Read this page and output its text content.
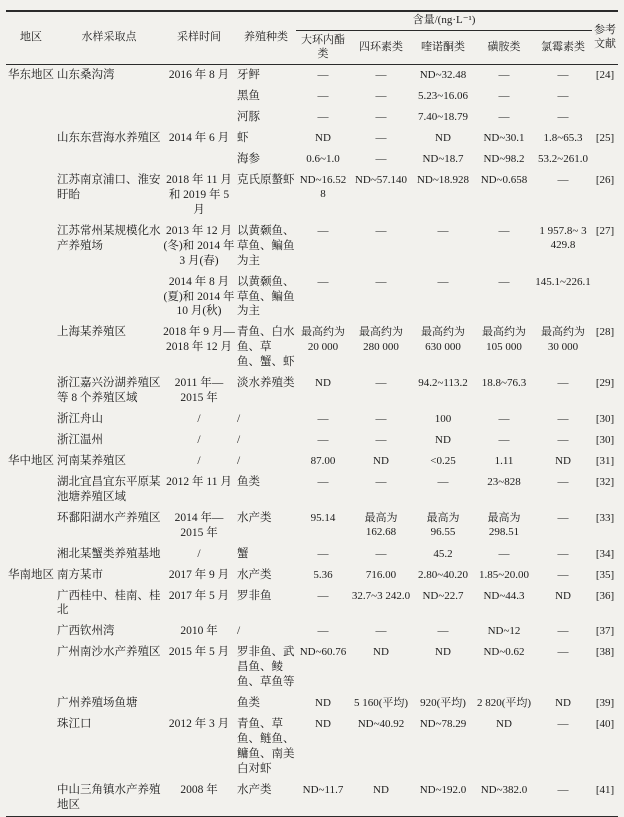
地区	水样采取点	采样时间	养殖种类	含量/(ng·L⁻¹)					参考文献
				大环内酯类	四环素类	喹诺酮类	磺胺类	氯霉素类	
华东地区	山东桑沟湾	2016 年 8 月	牙鲆	—	—	ND~32.48	—	—	[24]
			黑鱼	—	—	5.23~16.06	—	—	
			河豚	—	—	7.40~18.79	—	—	
	山东东营海水养殖区	2014 年 6 月	虾	ND	—	ND	ND~30.1	1.8~65.3	[25]
			海参	0.6~1.0	—	ND~18.7	ND~98.2	53.2~261.0	
	江苏南京浦口、淮安盱眙	2018 年 11 月和 2019 年 5 月	克氏原螯虾	ND~16.528	ND~57.140	ND~18.928	ND~0.658	—	[26]
	江苏常州某规模化水产养殖场	2013 年 12 月 (冬)和 2014 年 3 月(春)	以黄颡鱼、草鱼、鳊鱼为主	—	—	—	—	1 957.8~ 3 429.8	[27]
		2014 年 8 月 (夏)和 2014 年 10 月(秋)	以黄颡鱼、草鱼、鳊鱼为主	—	—	—	—	145.1~226.1	
	上海某养殖区	2018 年 9 月— 2018 年 12 月	青鱼、白水鱼、草 鱼、蟹、虾	最高约为 20 000	最高约为 280 000	最高约为 630 000	最高约为 105 000	最高约为 30 000	[28]
	浙江嘉兴汾湖养殖区等 8 个养殖区域	2011 年— 2015 年	淡水养殖类	ND	—	94.2~113.2	18.8~76.3	—	[29]
	浙江舟山	/	/	—	—	100	—	—	[30]
	浙江温州	/	/	—	—	ND	—	—	[30]
华中地区	河南某养殖区	/	/	87.00	ND	<0.25	1.11	ND	[31]
	湖北宜昌宜东平原某池塘养殖区域	2012 年 11 月	鱼类	—	—	—	23~828	—	[32]
	环鄱阳湖水产养殖区	2014 年— 2015 年	水产类	95.14	最高为 162.68	最高为 96.55	最高为 298.51	—	[33]
	湘北某蟹类养殖基地	/	蟹	—	—	45.2	—	—	[34]
华南地区	南方某市	2017 年 9 月	水产类	5.36	716.00	2.80~40.20	1.85~20.00	—	[35]
	广西桂中、桂南、桂北	2017 年 5 月	罗非鱼	—	32.7~3 242.0	ND~22.7	ND~44.3	ND	[36]
	广西钦州湾	2010 年	/	—	—	—	ND~12	—	[37]
	广州南沙水产养殖区	2015 年 5 月	罗非鱼、武昌鱼、鲮鱼、草鱼等	ND~60.76	ND	ND	ND~0.62	—	[38]
	广州养殖场鱼塘		鱼类	ND	5 160(平均)	920(平均)	2 820(平均)	ND	[39]
	珠江口	2012 年 3 月	青鱼、草鱼、鲢鱼、鳙鱼、南美白对虾	ND	ND~40.92	ND~78.29	ND	—	[40]
	中山三角镇水产养殖地区	2008 年	水产类	ND~11.7	ND	ND~192.0	ND~382.0	—	[41]
